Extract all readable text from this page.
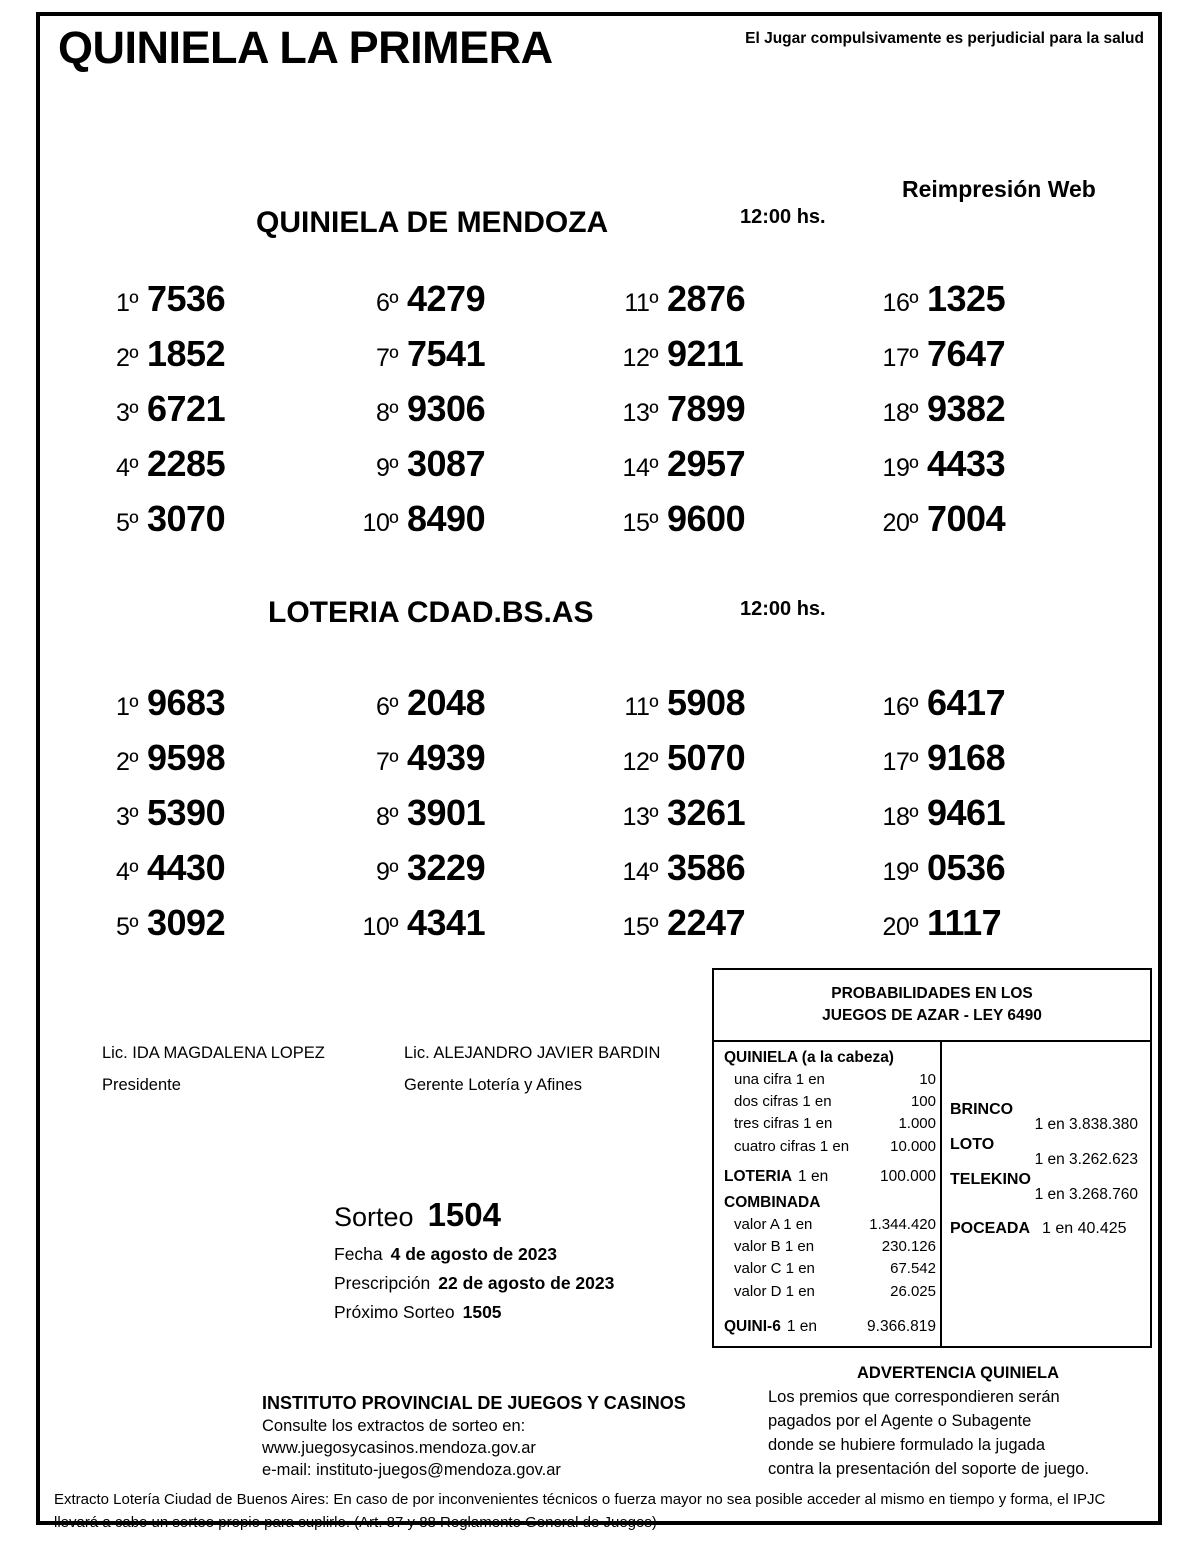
QUINIELA LA PRIMERA	El Jugar compulsivamente es perjudicial para la salud
Reimpresión Web
QUINIELA DE MENDOZA	12:00 hs.
1º 7536	6º 4279	11º 2876	16º 1325
2º 1852	7º 7541	12º 9211	17º 7647
3º 6721	8º 9306	13º 7899	18º 9382
4º 2285	9º 3087	14º 2957	19º 4433
5º 3070	10º 8490	15º 9600	20º 7004
LOTERIA CDAD.BS.AS	12:00 hs.
1º 9683	6º 2048	11º 5908	16º 6417
2º 9598	7º 4939	12º 5070	17º 9168
3º 5390	8º 3901	13º 3261	18º 9461
4º 4430	9º 3229	14º 3586	19º 0536
5º 3092	10º 4341	15º 2247	20º 1117
Lic. IDA MAGDALENA LOPEZ
Presidente
Lic. ALEJANDRO JAVIER BARDIN
Gerente Lotería y Afines
Sorteo 1504
Fecha 4 de agosto de 2023
Prescripción 22 de agosto de 2023
Próximo Sorteo 1505
PROBABILIDADES EN LOS
JUEGOS DE AZAR - LEY 6490
QUINIELA (a la cabeza)
una cifra 1 en	10
dos cifras 1 en	100
tres cifras 1 en	1.000
cuatro cifras 1 en	10.000
LOTERIA 1 en	100.000
COMBINADA
valor A 1 en	1.344.420
valor B 1 en	230.126
valor C 1 en	67.542
valor D 1 en	26.025
QUINI-6 1 en	9.366.819
BRINCO
1 en 3.838.380
LOTO
1 en 3.262.623
TELEKINO
1 en 3.268.760
POCEADA 1 en 40.425
INSTITUTO PROVINCIAL DE JUEGOS Y CASINOS
Consulte los extractos de sorteo en:
www.juegosycasinos.mendoza.gov.ar
e-mail: instituto-juegos@mendoza.gov.ar
ADVERTENCIA QUINIELA
Los premios que correspondieren serán
pagados por el Agente o Subagente
donde se hubiere formulado la jugada
contra la presentación del soporte de juego.
Extracto Lotería Ciudad de Buenos Aires: En caso de por inconvenientes técnicos o fuerza mayor no sea posible acceder al mismo en tiempo y forma, el IPJC llevará a cabo un sorteo propio para suplirlo. (Art. 87 y 88 Reglamento General de Juegos)
